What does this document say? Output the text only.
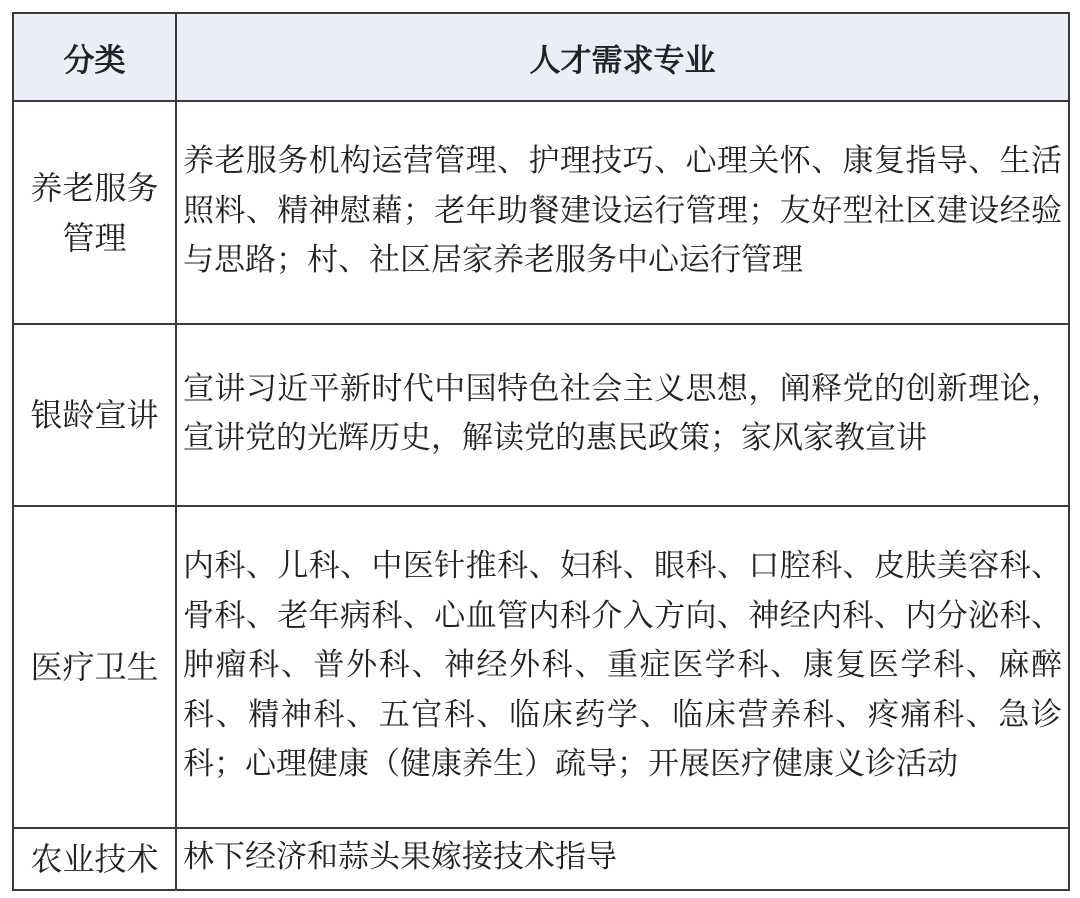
分类	人才需求专业
养老服务管理	养老服务机构运营管理、护理技巧、心理关怀、康复指导、生活照料、精神慰藉；老年助餐建设运行管理；友好型社区建设经验与思路；村、社区居家养老服务中心运行管理
银龄宣讲	宣讲习近平新时代中国特色社会主义思想，阐释党的创新理论，宣讲党的光辉历史，解读党的惠民政策；家风家教宣讲
医疗卫生	内科、儿科、中医针推科、妇科、眼科、口腔科、皮肤美容科、骨科、老年病科、心血管内科介入方向、神经内科、内分泌科、肿瘤科、普外科、神经外科、重症医学科、康复医学科、麻醉科、精神科、五官科、临床药学、临床营养科、疼痛科、急诊科；心理健康（健康养生）疏导；开展医疗健康义诊活动
农业技术	林下经济和蒜头果嫁接技术指导
